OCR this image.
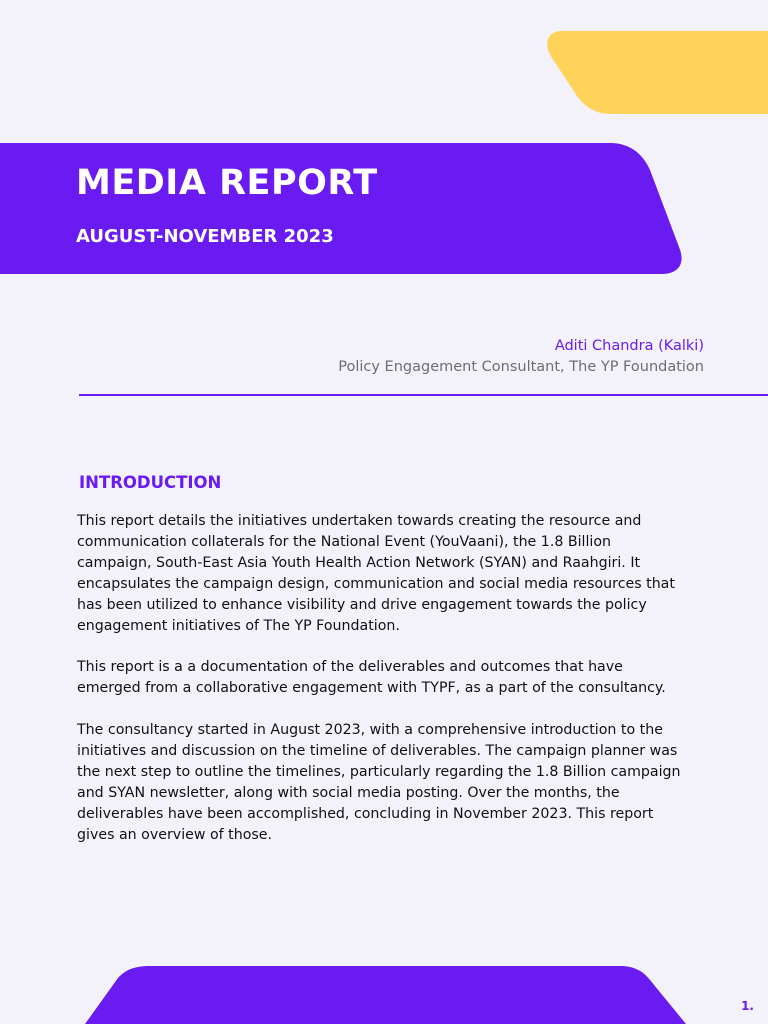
MEDIA REPORT
AUGUST-NOVEMBER 2023
Aditi Chandra (Kalki)
Policy Engagement Consultant, The YP Foundation
INTRODUCTION

This report details the initiatives undertaken towards creating the resource and communication collaterals for the National Event (YouVaani), the 1.8 Billion campaign, South-East Asia Youth Health Action Network (SYAN) and Raahgiri. It encapsulates the campaign design, communication and social media resources that has been utilized to enhance visibility and drive engagement towards the policy engagement initiatives of The YP Foundation.

This report is a a documentation of the deliverables and outcomes that have emerged from a collaborative engagement with TYPF, as a part of the consultancy.

The consultancy started in August 2023, with a comprehensive introduction to the initiatives and discussion on the timeline of deliverables. The campaign planner was the next step to outline the timelines, particularly regarding the 1.8 Billion campaign and SYAN newsletter, along with social media posting. Over the months, the deliverables have been accomplished, concluding in November 2023. This report gives an overview of those.

1.
